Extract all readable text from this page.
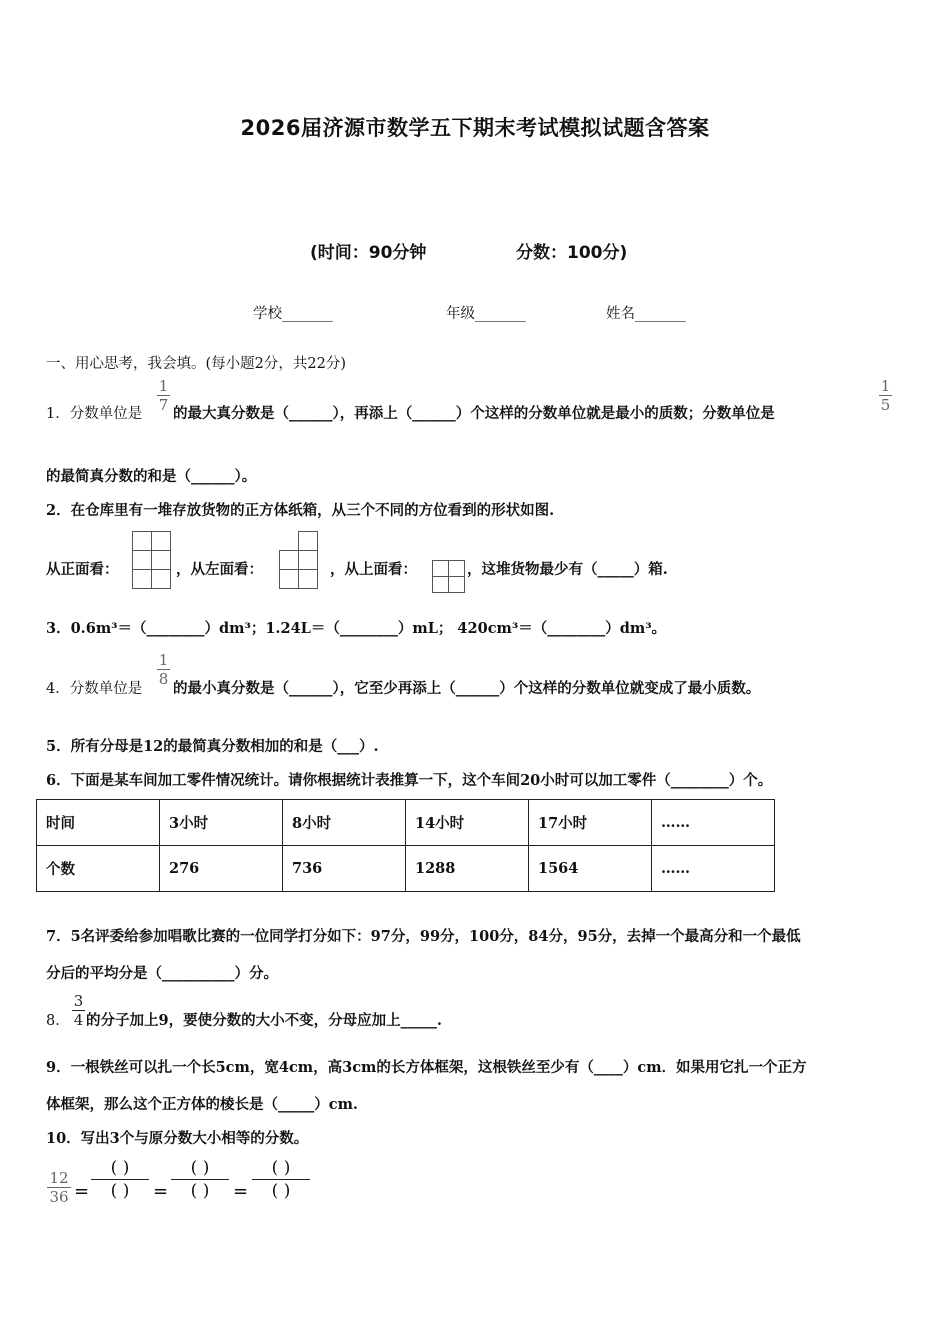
2026届济源市数学五下期末考试模拟试题含答案
(时间：90分钟	分数：100分)
学校_______	年级_______	姓名_______
一、用心思考，我会填。(每小题2分，共22分)
1．分数单位是
1
7 的最大真分数是（______），再添上（______）个这样的分数单位就是最小的质数；分数单位是
1
5
的最简真分数的和是（______）。
2．在仓库里有一堆存放货物的正方体纸箱，从三个不同的方位看到的形状如图.
从正面看：	，从左面看：	，从上面看：	，这堆货物最少有（_____）箱.
3．0.6m³＝（________）dm³；1.24L＝（________）mL； 420cm³＝（________）dm³。
4．分数单位是
1
8
的最小真分数是（______），它至少再添上（______）个这样的分数单位就变成了最小质数。
5．所有分母是12的最简真分数相加的和是（___）.
6．下面是某车间加工零件情况统计。请你根据统计表推算一下，这个车间20小时可以加工零件（________）个。
时间	3小时	8小时	14小时	17小时	……
个数	276	736	1288	1564	……
7．5名评委给参加唱歌比赛的一位同学打分如下：97分，99分，100分，84分，95分，去掉一个最高分和一个最低
分后的平均分是（__________）分。
8．
3
4 的分子加上9，要使分数的大小不变，分母应加上_____.
9．一根铁丝可以扎一个长5cm，宽4cm，高3cm的长方体框架，这根铁丝至少有（____）cm．如果用它扎一个正方
体框架，那么这个正方体的棱长是（_____）cm.
10．写出3个与原分数大小相等的分数。
12
36 =
( )
( )	=
( )
( )	=
( )
( )
